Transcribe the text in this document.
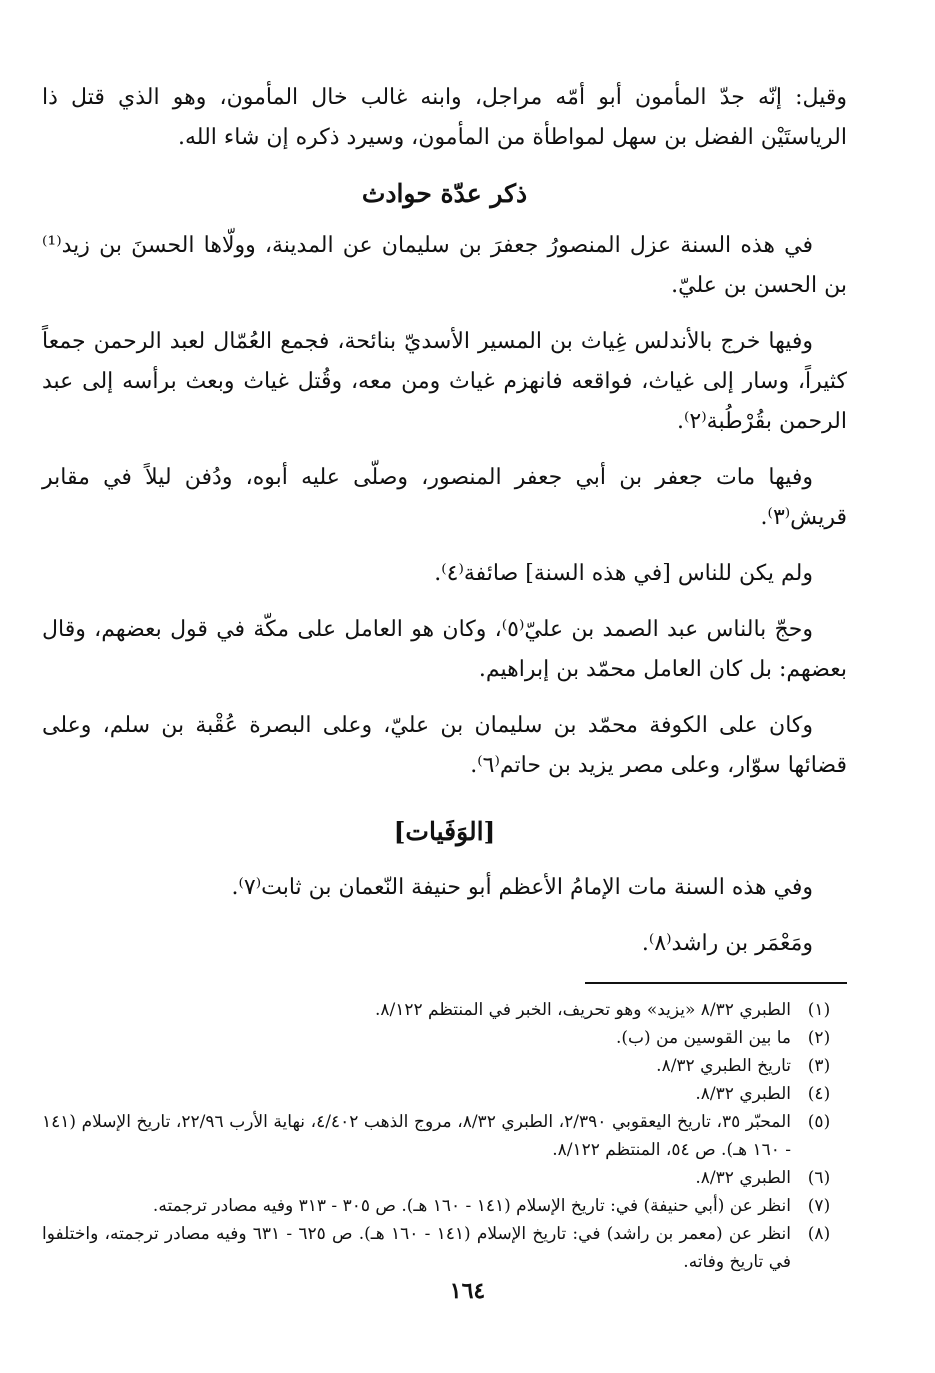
وقيل: إنّه جدّ المأمون أبو أمّه مراجل، وابنه غالب خال المأمون، وهو الذي قتل ذا الرياستَيْن الفضل بن سهل لمواطأة من المأمون، وسيرد ذكره إن شاء الله.

ذكر عدّة حوادث

في هذه السنة عزل المنصورُ جعفرَ بن سليمان عن المدينة، وولّاها الحسنَ بن زيد⁽¹⁾ بن الحسن بن عليّ.

وفيها خرج بالأندلس غِياث بن المسير الأسديّ بنائحة، فجمع العُمّال لعبد الرحمن جمعاً كثيراً، وسار إلى غياث، فواقعه فانهزم غياث ومن معه، وقُتل غياث وبعث برأسه إلى عبد الرحمن بقُرْطُبة⁽٢⁾.

وفيها مات جعفر بن أبي جعفر المنصور، وصلّى عليه أبوه، ودُفن ليلاً في مقابر قريش⁽٣⁾.

ولم يكن للناس [في هذه السنة] صائفة⁽٤⁾.

وحجّ بالناس عبد الصمد بن عليّ⁽٥⁾، وكان هو العامل على مكّة في قول بعضهم، وقال بعضهم: بل كان العامل محمّد بن إبراهيم.

وكان على الكوفة محمّد بن سليمان بن عليّ، وعلى البصرة عُقْبة بن سلم، وعلى قضائها سوّار، وعلى مصر يزيد بن حاتم⁽٦⁾.

[الوَفَيات]

وفي هذه السنة مات الإمامُ الأعظم أبو حنيفة النّعمان بن ثابت⁽٧⁾.

ومَعْمَر بن راشد⁽٨⁾.

(١)
الطبري ٨/٣٢ «يزيد» وهو تحريف، الخبر في المنتظم ٨/١٢٢.
(٢)
ما بين القوسين من (ب).
(٣)
تاريخ الطبري ٨/٣٢.
(٤)
الطبري ٨/٣٢.
(٥)
المحبّر ٣٥، تاريخ اليعقوبي ٢/٣٩٠، الطبري ٨/٣٢، مروج الذهب ٤/٤٠٢، نهاية الأرب ٢٢/٩٦، تاريخ الإسلام (١٤١ - ١٦٠ هـ). ص ٥٤، المنتظم ٨/١٢٢.
(٦)
الطبري ٨/٣٢.
(٧)
انظر عن (أبي حنيفة) في: تاريخ الإسلام (١٤١ - ١٦٠ هـ). ص ٣٠٥ - ٣١٣ وفيه مصادر ترجمته.
(٨)
انظر عن (معمر بن راشد) في: تاريخ الإسلام (١٤١ - ١٦٠ هـ). ص ٦٢٥ - ٦٣١ وفيه مصادر ترجمته، واختلفوا في تاريخ وفاته.
١٦٤
